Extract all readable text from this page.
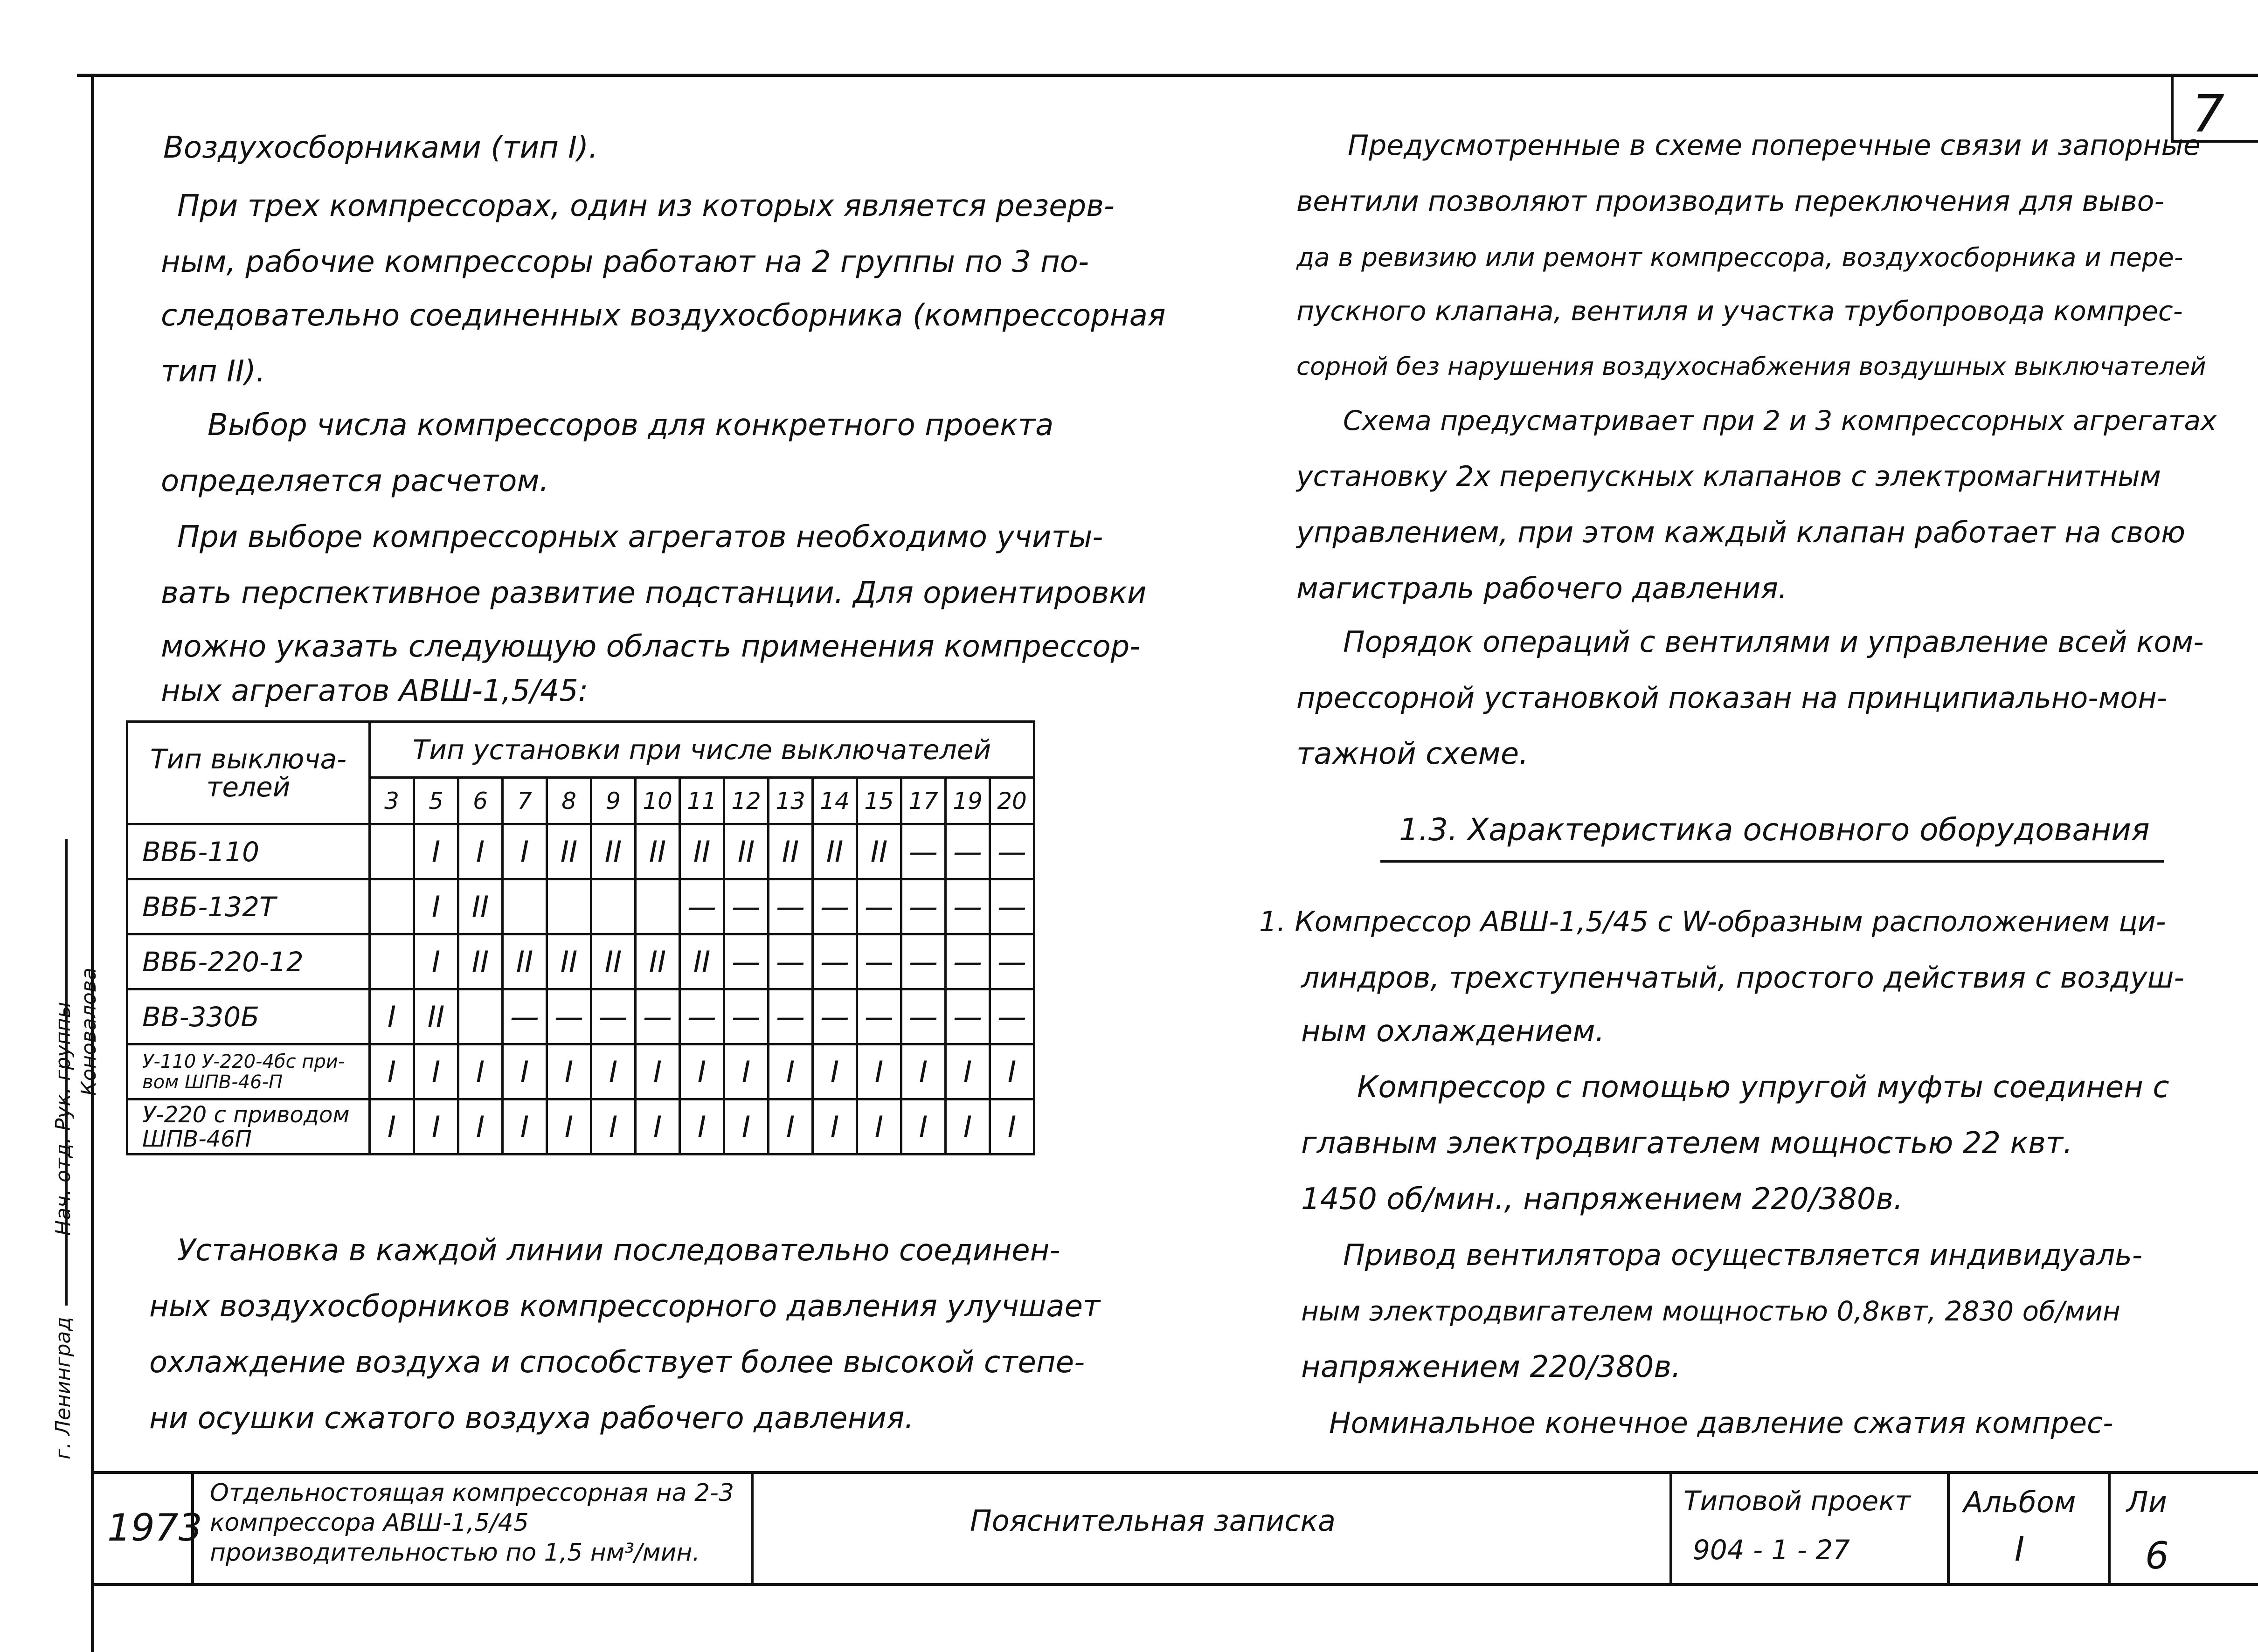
7
Воздухосборниками (тип I).
При трех компрессорах, один из которых является резерв-
ным, рабочие компрессоры работают на 2 группы по 3 по-
следовательно соединенных воздухосборника (компрессорная
тип II).
Выбор числа компрессоров для конкретного проекта
определяется расчетом.
При выборе компрессорных агрегатов необходимо учиты-
вать перспективное развитие подстанции. Для ориентировки
можно указать следующую область применения компрессор-
ных агрегатов АВШ-1,5/45:
Тип выключа- телей	Тип установки при числе выключателей														
	3	5	6	7	8	9	10	11	12	13	14	15	17	19	20
ВВБ-110		I	I	I	II	II	II	II	II	II	II	II	—	—	—
ВВБ-132Т		I	II					—	—	—	—	—	—	—	—
ВВБ-220-12		I	II	II	II	II	II	II	—	—	—	—	—	—	—
ВВ-330Б	I	II		—	—	—	—	—	—	—	—	—	—	—	—
У-110 У-220-4бс при-вом ШПВ-46-П	I	I	I	I	I	I	I	I	I	I	I	I	I	I	I
У-220 с приводом ШПВ-46П	I	I	I	I	I	I	I	I	I	I	I	I	I	I	I
Установка в каждой линии последовательно соединен-
ных воздухосборников компрессорного давления улучшает
охлаждение воздуха и способствует более высокой степе-
ни осушки сжатого воздуха рабочего давления.
Предусмотренные в схеме поперечные связи и запорные
вентили позволяют производить переключения для выво-
да в ревизию или ремонт компрессора, воздухосборника и пере-
пускного клапана, вентиля и участка трубопровода компрес-
сорной без нарушения воздухоснабжения воздушных выключателей
Схема предусматривает при 2 и 3 компрессорных агрегатах
установку 2х перепускных клапанов с электромагнитным
управлением, при этом каждый клапан работает на свою
магистраль рабочего давления.
Порядок операций с вентилями и управление всей ком-
прессорной установкой показан на принципиально-мон-
тажной схеме.
1.3. Характеристика основного оборудования
1. Компрессор АВШ-1,5/45 с W-образным расположением ци-
линдров, трехступенчатый, простого действия с воздуш-
ным охлаждением.
Компрессор с помощью упругой муфты соединен с
главным электродвигателем мощностью 22 квт.
1450 об/мин., напряжением 220/380в.
Привод вентилятора осуществляется индивидуаль-
ным электродвигателем мощностью 0,8квт, 2830 об/мин
напряжением 220/380в.
Номинальное конечное давление сжатия компрес-
г. Ленинград
Нач. отд. Рук. группы Коновалова
1973
Отдельностоящая компрессорная на 2-3 компрессора АВШ-1,5/45 производительностью по 1,5 нм³/мин.
Пояснительная записка
Типовой проект
904 - 1 - 27
Альбом
I
Ли
6
